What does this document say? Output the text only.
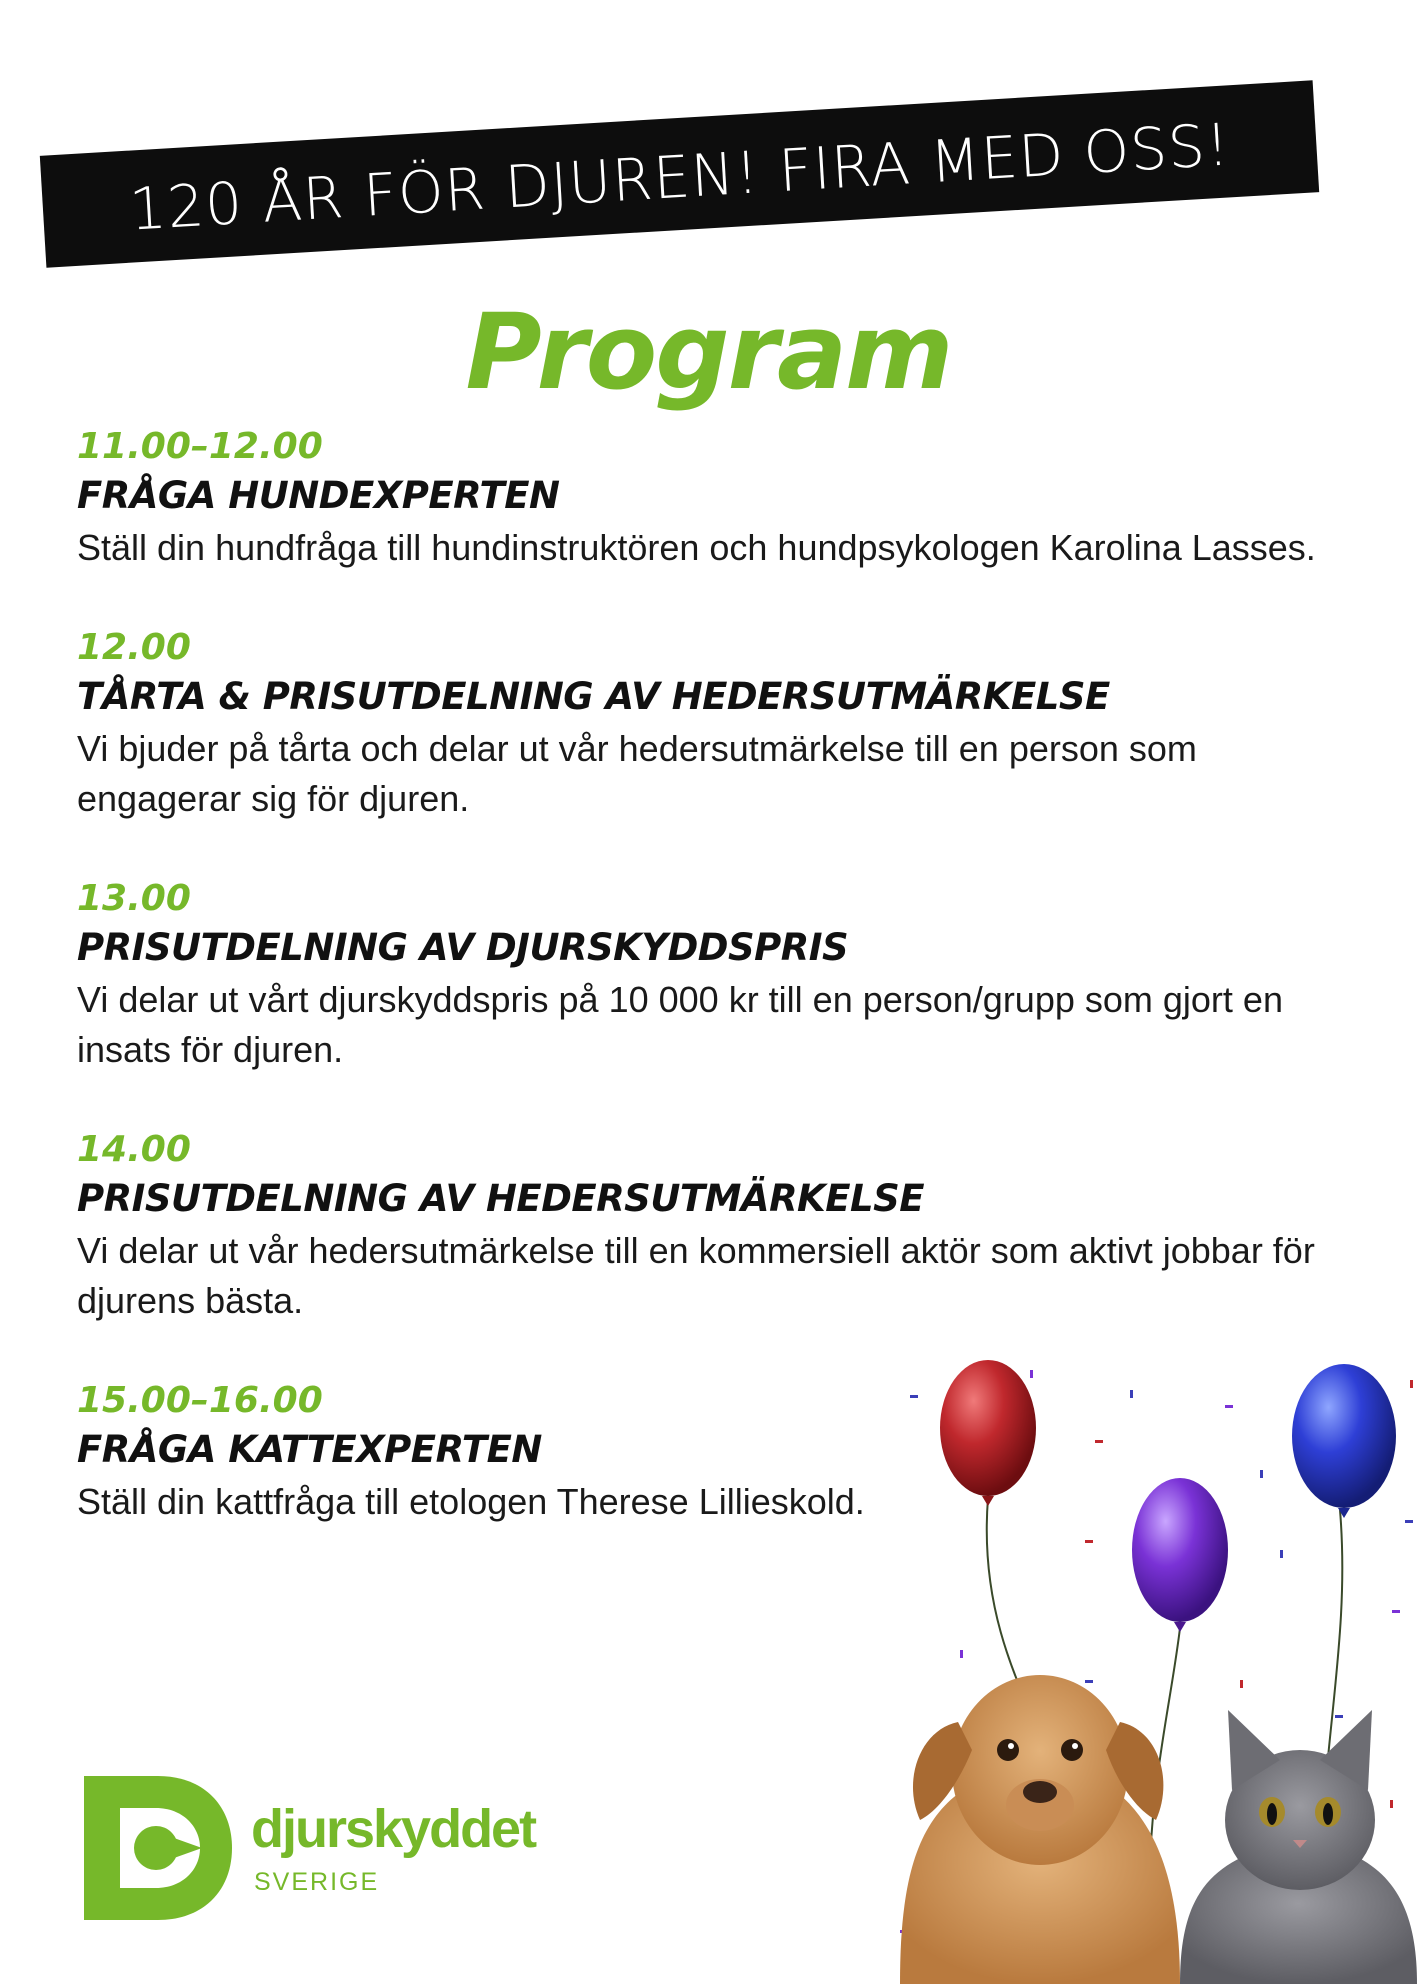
120 ÅR FÖR DJUREN! FIRA MED OSS!
Program
11.00–12.00
FRÅGA HUNDEXPERTEN
Ställ din hundfråga till hundinstruktören och hundpsykologen Karolina Lasses.
12.00
TÅRTA & PRISUTDELNING AV HEDERSUTMÄRKELSE
Vi bjuder på tårta och delar ut vår hedersutmärkelse till en person som engagerar sig för djuren.
13.00
PRISUTDELNING AV DJURSKYDDSPRIS
Vi delar ut vårt djurskyddspris på 10 000 kr till en person/grupp som gjort en insats för djuren.
14.00
PRISUTDELNING AV HEDERSUTMÄRKELSE
Vi delar ut vår hedersutmärkelse till en kommersiell aktör som aktivt jobbar för djurens bästa.
15.00–16.00
FRÅGA KATTEXPERTEN
Ställ din kattfråga till etologen Therese Lillieskold.
djurskyddet
SVERIGE
